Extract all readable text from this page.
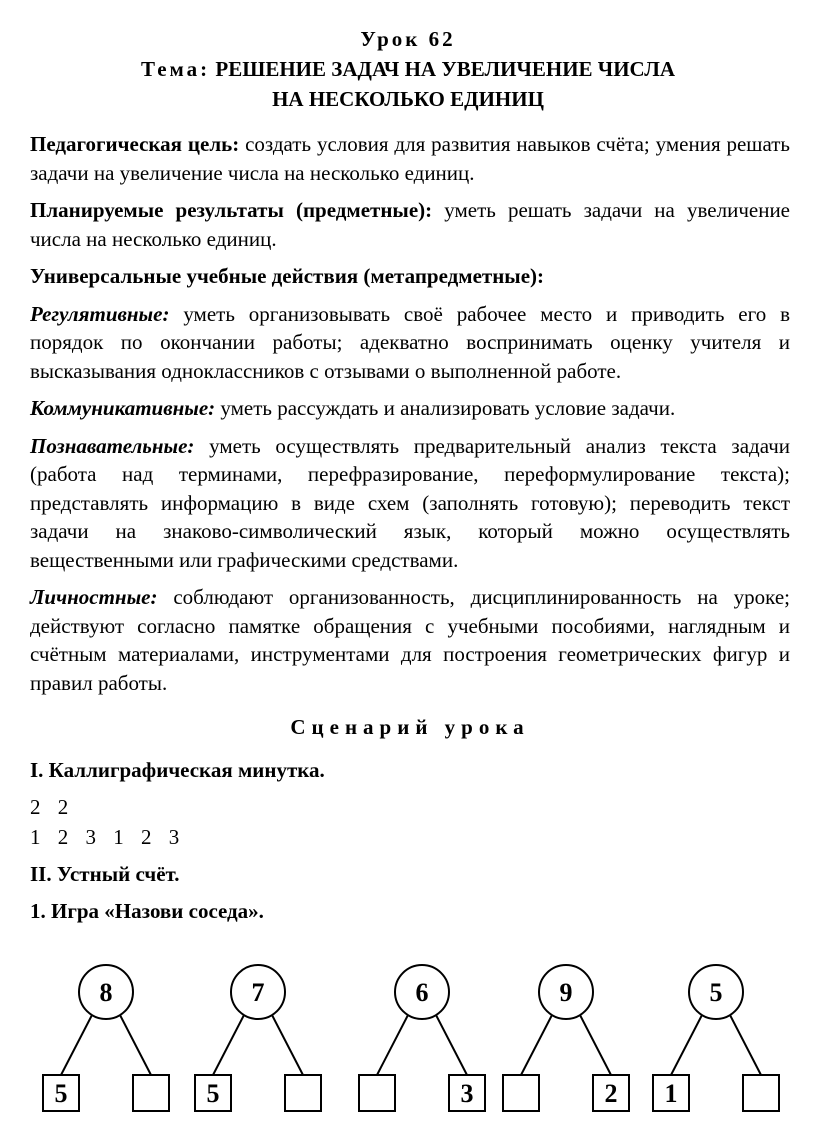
Урок 62
Тема: РЕШЕНИЕ ЗАДАЧ НА УВЕЛИЧЕНИЕ ЧИСЛА
НА НЕСКОЛЬКО ЕДИНИЦ

Педагогическая цель: создать условия для развития навыков счёта; умения решать задачи на увеличение числа на несколько единиц.

Планируемые результаты (предметные): уметь решать задачи на увеличение числа на несколько единиц.

Универсальные учебные действия (метапредметные):

Регулятивные: уметь организовывать своё рабочее место и приводить его в порядок по окончании работы; адекватно воспринимать оценку учителя и высказывания одноклассников с отзывами о выполненной работе.

Коммуникативные: уметь рассуждать и анализировать условие задачи.

Познавательные: уметь осуществлять предварительный анализ текста задачи (работа над терминами, перефразирование, переформулирование текста); представлять информацию в виде схем (заполнять готовую); переводить текст задачи на знаково-символический язык, который можно осуществлять вещественными или графическими средствами.

Личностные: соблюдают организованность, дисциплинированность на уроке; действуют согласно памятке обращения с учебными пособиями, наглядным и счётным материалами, инструментами для построения геометрических фигур и правил работы.

Сценарий урока
I. Каллиграфическая минутка.
2 2
1 2 3 1 2 3
II. Устный счёт.
1. Игра «Назови соседа».
8
5
7
5
6
3
9
2
5
1
